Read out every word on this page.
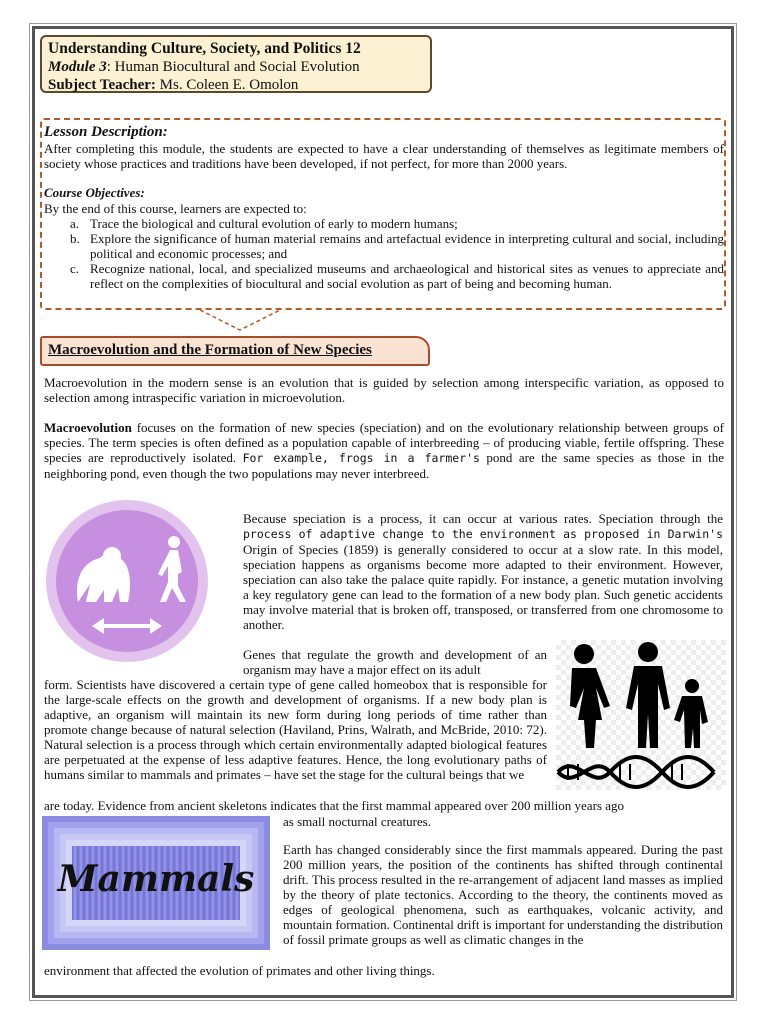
Understanding Culture, Society, and Politics 12
Module 3: Human Biocultural and Social Evolution
Subject Teacher: Ms. Coleen E. Omolon
Lesson Description:
After completing this module, the students are expected to have a clear understanding of themselves as legitimate members of society whose practices and traditions have been developed, if not perfect, for more than 2000 years.
Course Objectives:
By the end of this course, learners are expected to:
a. Trace the biological and cultural evolution of early to modern humans;
b. Explore the significance of human material remains and artefactual evidence in interpreting cultural and social, including political and economic processes; and
c. Recognize national, local, and specialized museums and archaeological and historical sites as venues to appreciate and reflect on the complexities of biocultural and social evolution as part of being and becoming human.
Macroevolution and the Formation of New Species
Macroevolution in the modern sense is an evolution that is guided by selection among interspecific variation, as opposed to selection among intraspecific variation in microevolution.
Macroevolution focuses on the formation of new species (speciation) and on the evolutionary relationship between groups of species. The term species is often defined as a population capable of interbreeding – of producing viable, fertile offspring. These species are reproductively isolated. For example, frogs in a farmer's pond are the same species as those in the neighboring pond, even though the two populations may never interbreed.
Because speciation is a process, it can occur at various rates. Speciation through the process of adaptive change to the environment as proposed in Darwin's Origin of Species (1859) is generally considered to occur at a slow rate. In this model, speciation happens as organisms become more adapted to their environment. However, speciation can also take the palace quite rapidly. For instance, a genetic mutation involving a key regulatory gene can lead to the formation of a new body plan. Such genetic accidents may involve material that is broken off, transposed, or transferred from one chromosome to another.
Genes that regulate the growth and development of an organism may have a major effect on its adult
form. Scientists have discovered a certain type of gene called homeobox that is responsible for the large-scale effects on the growth and development of organisms. If a new body plan is adaptive, an organism will maintain its new form during long periods of time rather than promote change because of natural selection (Haviland, Prins, Walrath, and McBride, 2010: 72). Natural selection is a process through which certain environmentally adapted biological features are perpetuated at the expense of less adaptive features. Hence, the long evolutionary paths of humans similar to mammals and primates – have set the stage for the cultural beings that we
are today. Evidence from ancient skeletons indicates that the first mammal appeared over 200 million years ago
as small nocturnal creatures.
Mammals
Earth has changed considerably since the first mammals appeared. During the past 200 million years, the position of the continents has shifted through continental drift. This process resulted in the re-arrangement of adjacent land masses as implied by the theory of plate tectonics. According to the theory, the continents moved as edges of geological phenomena, such as earthquakes, volcanic activity, and mountain formation. Continental drift is important for understanding the distribution of fossil primate groups as well as climatic changes in the
environment that affected the evolution of primates and other living things.
